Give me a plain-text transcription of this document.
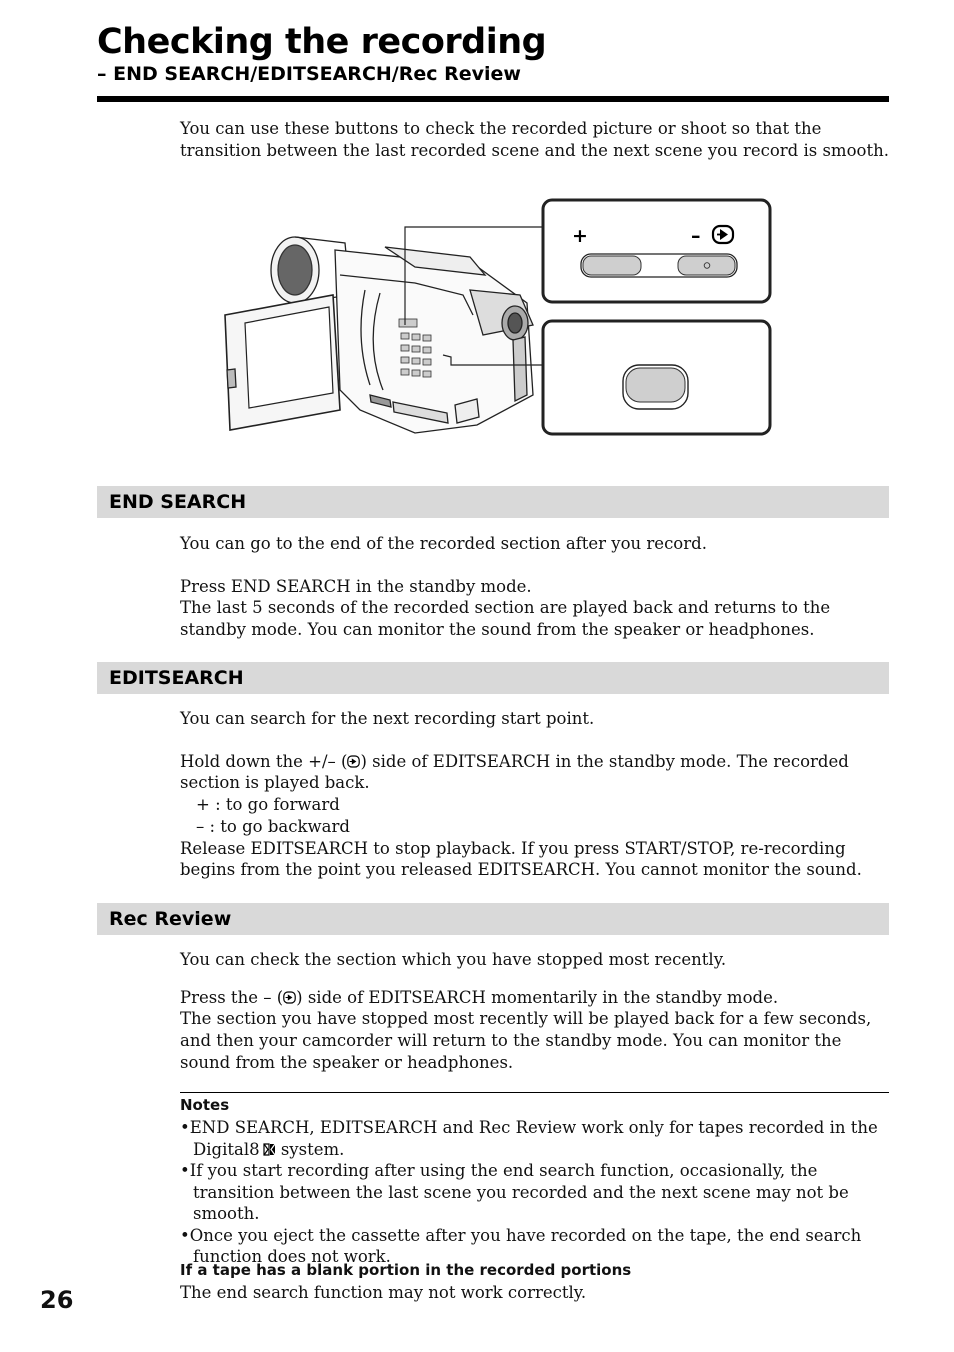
Checking the recording
– END SEARCH/EDITSEARCH/Rec Review

You can use these buttons to check the recorded picture or shoot so that the transition between the last recorded scene and the next scene you record is smooth.

+	–
END SEARCH

You can go to the end of the recorded section after you record.

Press END SEARCH in the standby mode.

The last 5 seconds of the recorded section are played back and returns to the standby mode. You can monitor the sound from the speaker or headphones.

EDITSEARCH

You can search for the next recording start point.

Hold down the +/– ( ) side of EDITSEARCH in the standby mode. The recorded section is played back.

+ : to go forward

– : to go backward

Release EDITSEARCH to stop playback. If you press START/STOP, re-recording begins from the point you released EDITSEARCH. You cannot monitor the sound.

Rec Review

You can check the section which you have stopped most recently.

Press the – ( ) side of EDITSEARCH momentarily in the standby mode.

The section you have stopped most recently will be played back for a few seconds, and then your camcorder will return to the standby mode. You can monitor the sound from the speaker or headphones.

Notes
•END SEARCH, EDITSEARCH and Rec Review work only for tapes recorded in the Digital8 system.
•If you start recording after using the end search function, occasionally, the transition between the last scene you recorded and the next scene may not be smooth.
•Once you eject the cassette after you have recorded on the tape, the end search function does not work.
If a tape has a blank portion in the recorded portions
The end search function may not work correctly.
26
